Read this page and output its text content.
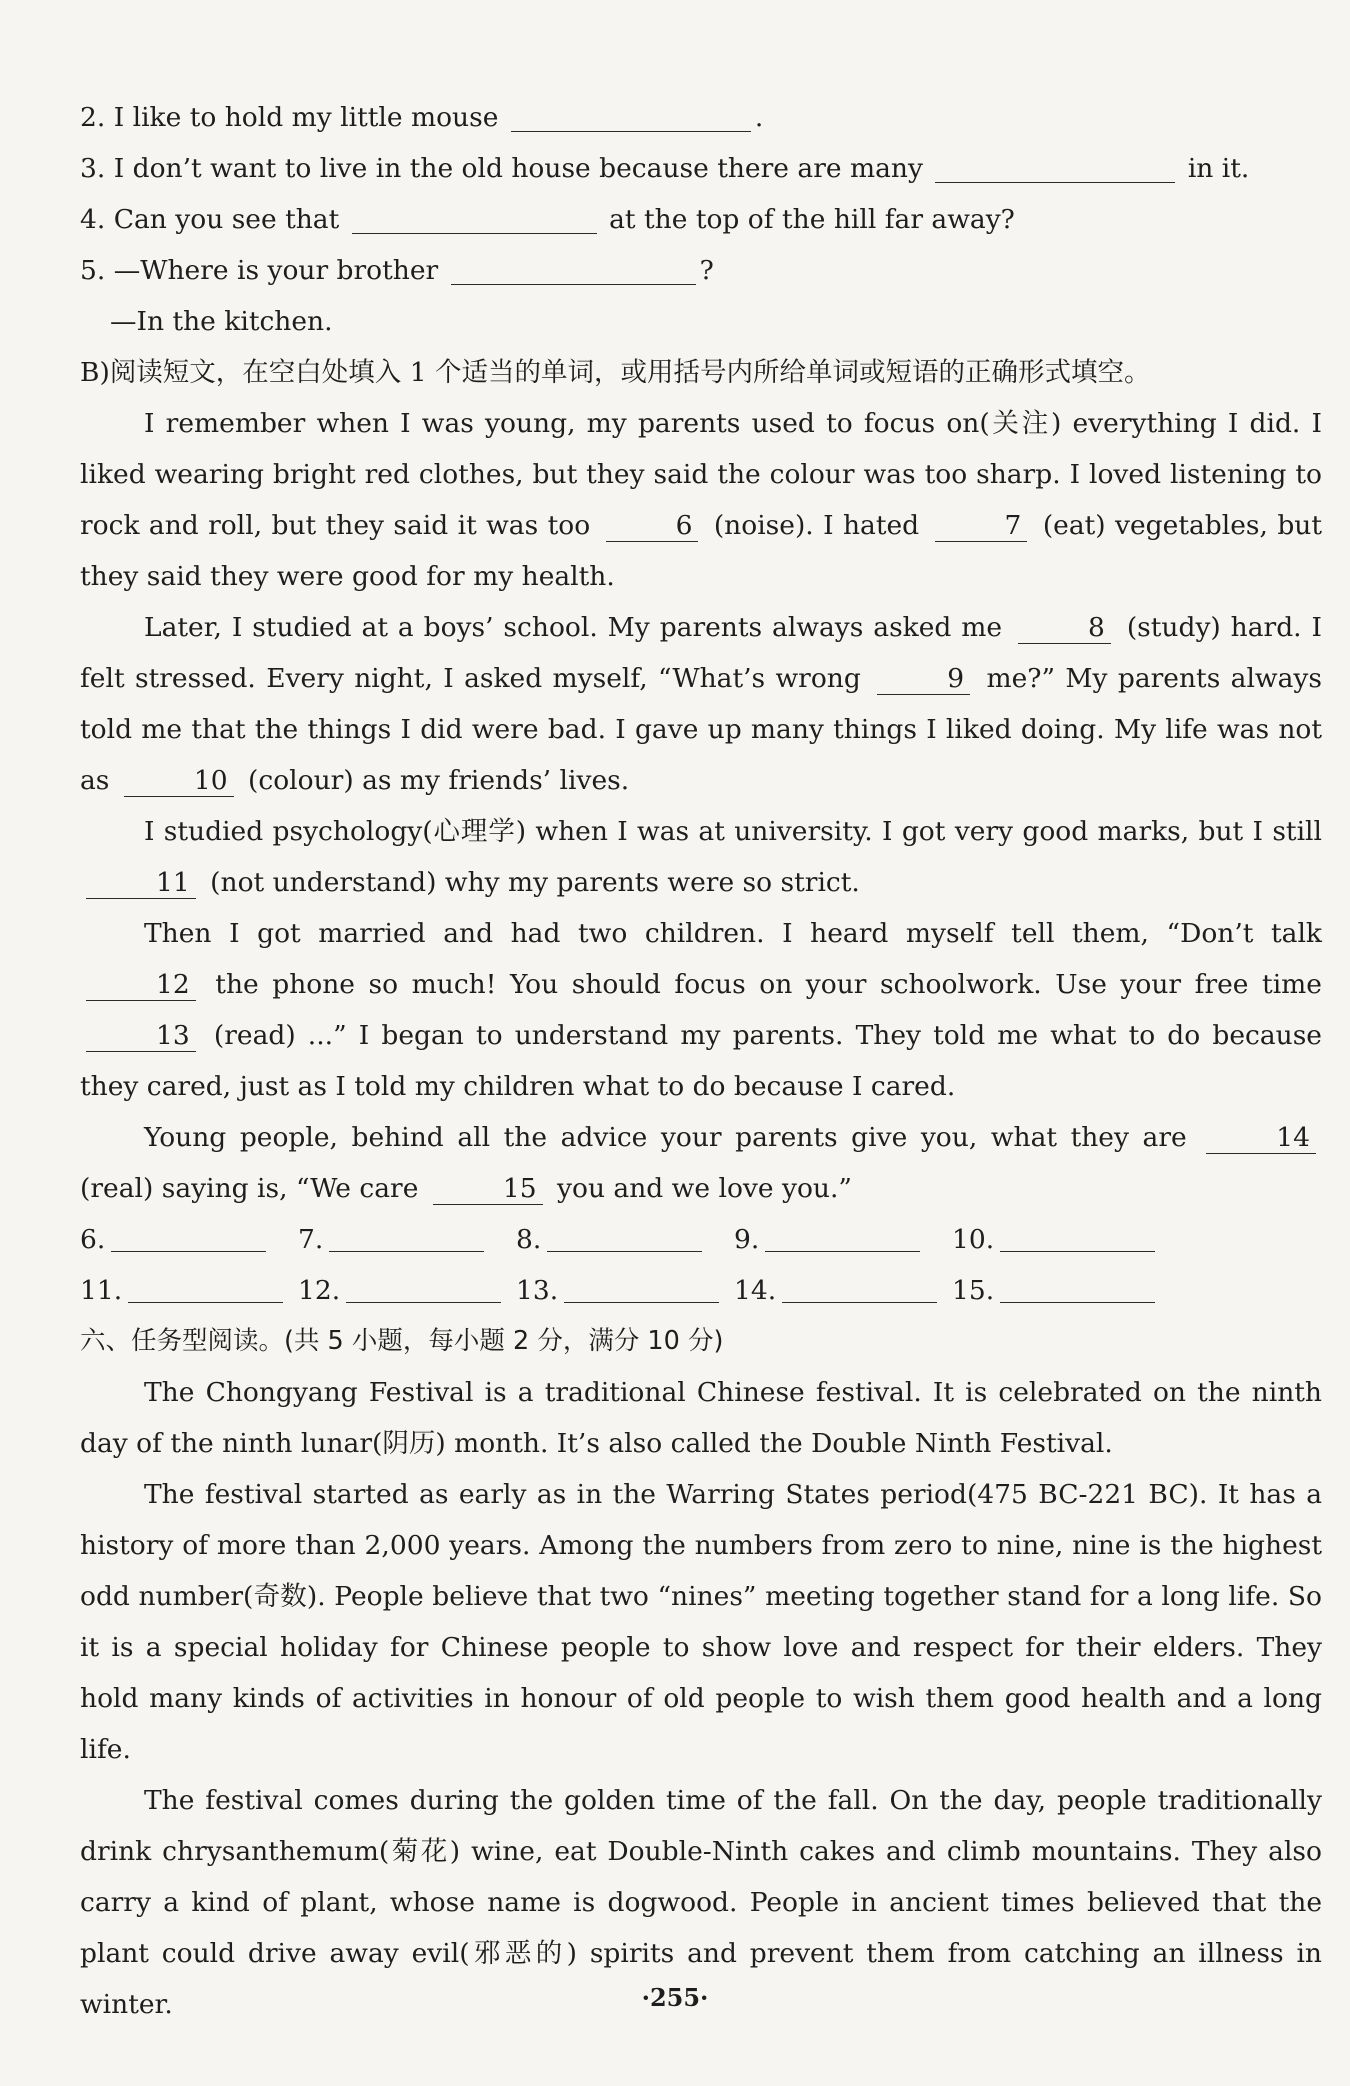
2. I like to hold my little mouse	.
3. I don’t want to live in the old house because there are many	in it.
4. Can you see that	at the top of the hill far away?
5. —Where is your brother	?
—In the kitchen.
B)阅读短文，在空白处填入 1 个适当的单词，或用括号内所给单词或短语的正确形式填空。
I remember when I was young, my parents used to focus on(关注) everything I did. I liked wearing bright red clothes, but they said the colour was too sharp. I loved listening to rock and roll, but they said it was too	6 (noise). I hated	7 (eat) vegetables, but they said they were good for my health.
Later, I studied at a boys’ school. My parents always asked me	8 (study) hard. I felt stressed. Every night, I asked myself, “What’s wrong	9 me?” My parents always told me that the things I did were bad. I gave up many things I liked doing. My life was not as	10 (colour) as my friends’ lives.
I studied psychology(心理学) when I was at university. I got very good marks, but I still 11 (not understand) why my parents were so strict.
Then I got married and had two children. I heard myself tell them, “Don’t talk 12 the phone so much! You should focus on your schoolwork. Use your free time 13 (read) ...” I began to understand my parents. They told me what to do because they cared, just as I told my children what to do because I cared.
Young people, behind all the advice your parents give you, what they are	14 (real) saying is, “We care	15 you and we love you.”
6.	7.	8.	9.	10.
11.	12.	13.	14.	15.
六、任务型阅读。(共 5 小题，每小题 2 分，满分 10 分)
The Chongyang Festival is a traditional Chinese festival. It is celebrated on the ninth day of the ninth lunar(阴历) month. It’s also called the Double Ninth Festival.
The festival started as early as in the Warring States period(475 BC-221 BC). It has a history of more than 2,000 years. Among the numbers from zero to nine, nine is the highest odd number(奇数). People believe that two “nines” meeting together stand for a long life. So it is a special holiday for Chinese people to show love and respect for their elders. They hold many kinds of activities in honour of old people to wish them good health and a long life.
The festival comes during the golden time of the fall. On the day, people traditionally drink chrysanthemum(菊花) wine, eat Double-Ninth cakes and climb mountains. They also carry a kind of plant, whose name is dogwood. People in ancient times believed that the plant could drive away evil(邪恶的) spirits and prevent them from catching an illness in winter.	·255·
